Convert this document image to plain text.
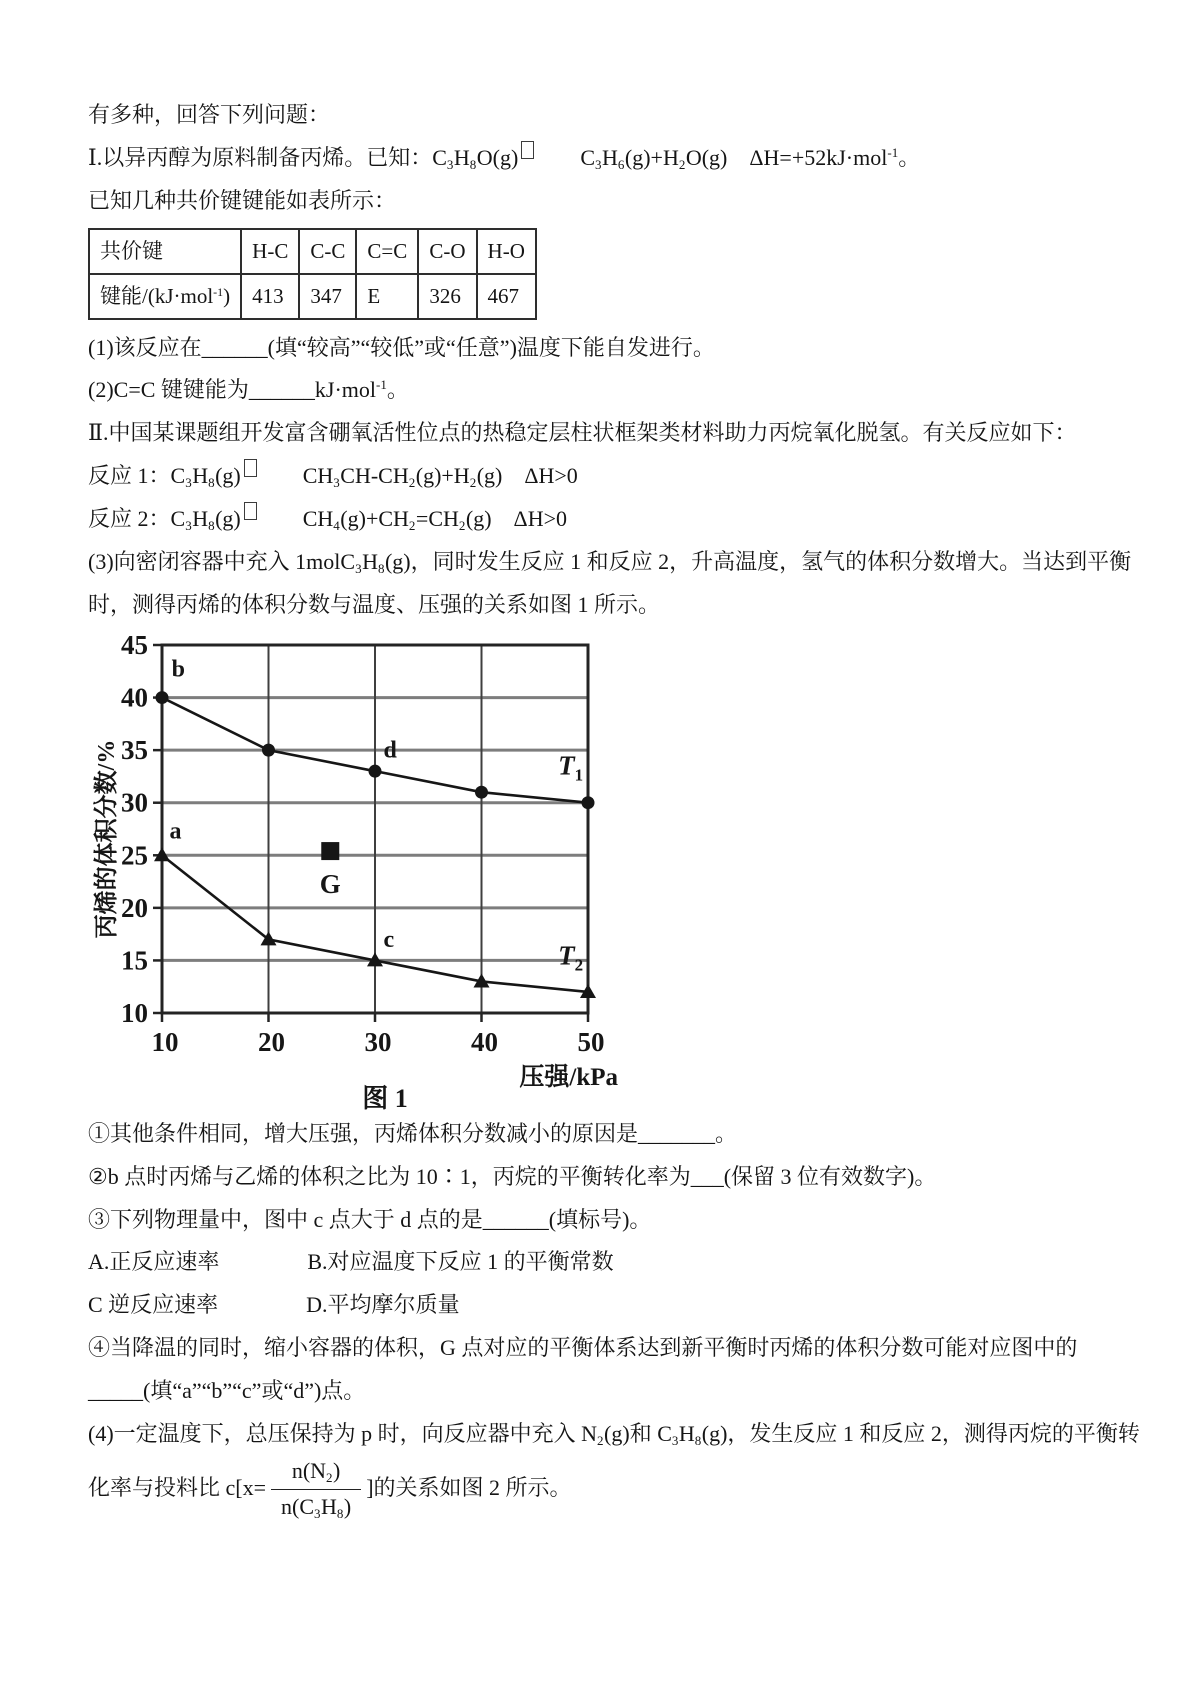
有多种，回答下列问题：

Ⅰ.以异丙醇为原料制备丙烯。已知：$C_3H_8O(g)$　　$C_3H_6(g)+H_2O(g)$　ΔH=+52kJ·mol$^{-1}$。

已知几种共价键键能如表所示：

共价键	H-C	C-C	C=C	C-O	H-O
键能/(kJ·mol$^{-1}$)	413	347	E	326	467

(1)该反应在______(填“较高”“较低”或“任意”)温度下能自发进行。

(2)C=C 键键能为______kJ·mol$^{-1}$。

Ⅱ.中国某课题组开发富含硼氧活性位点的热稳定层柱状框架类材料助力丙烷氧化脱氢。有关反应如下：

反应 1：$C_3H_8(g)$　　$CH_3CH-CH_2(g)+H_2(g)$　ΔH>0

反应 2：$C_3H_8(g)$　　$CH_4(g)+CH_2=CH_2(g)$　ΔH>0

(3)向密闭容器中充入 $1molC_3H_8(g)$，同时发生反应 1 和反应 2，升高温度，氢气的体积分数增大。当达到平衡

时，测得丙烯的体积分数与温度、压强的关系如图 1 所示。

10
15
20
25
30
35
40
45
10	20	30	40	50
$T_1$
$T_2$
b
a
d
c
G
丙烯的体积分数/%
压强/kPa
图 1

①其他条件相同，增大压强，丙烯体积分数减小的原因是_______。

②b 点时丙烯与乙烯的体积之比为 10∶1，丙烷的平衡转化率为___(保留 3 位有效数字)。

③下列物理量中，图中 c 点大于 d 点的是______(填标号)。

A.正反应速率　　　　B.对应温度下反应 1 的平衡常数

C 逆反应速率　　　　D.平均摩尔质量

④当降温的同时，缩小容器的体积，G 点对应的平衡体系达到新平衡时丙烯的体积分数可能对应图中的

_____(填“a”“b”“c”或“d”)点。

(4)一定温度下，总压保持为 p 时，向反应器中充入 $N_2(g)$和 $C_3H_8(g)$，发生反应 1 和反应 2，测得丙烷的平衡转

化率与投料比 $c[x= \frac{n(N_2)}{n(C_3H_8)}$ ]的关系如图 2 所示。
